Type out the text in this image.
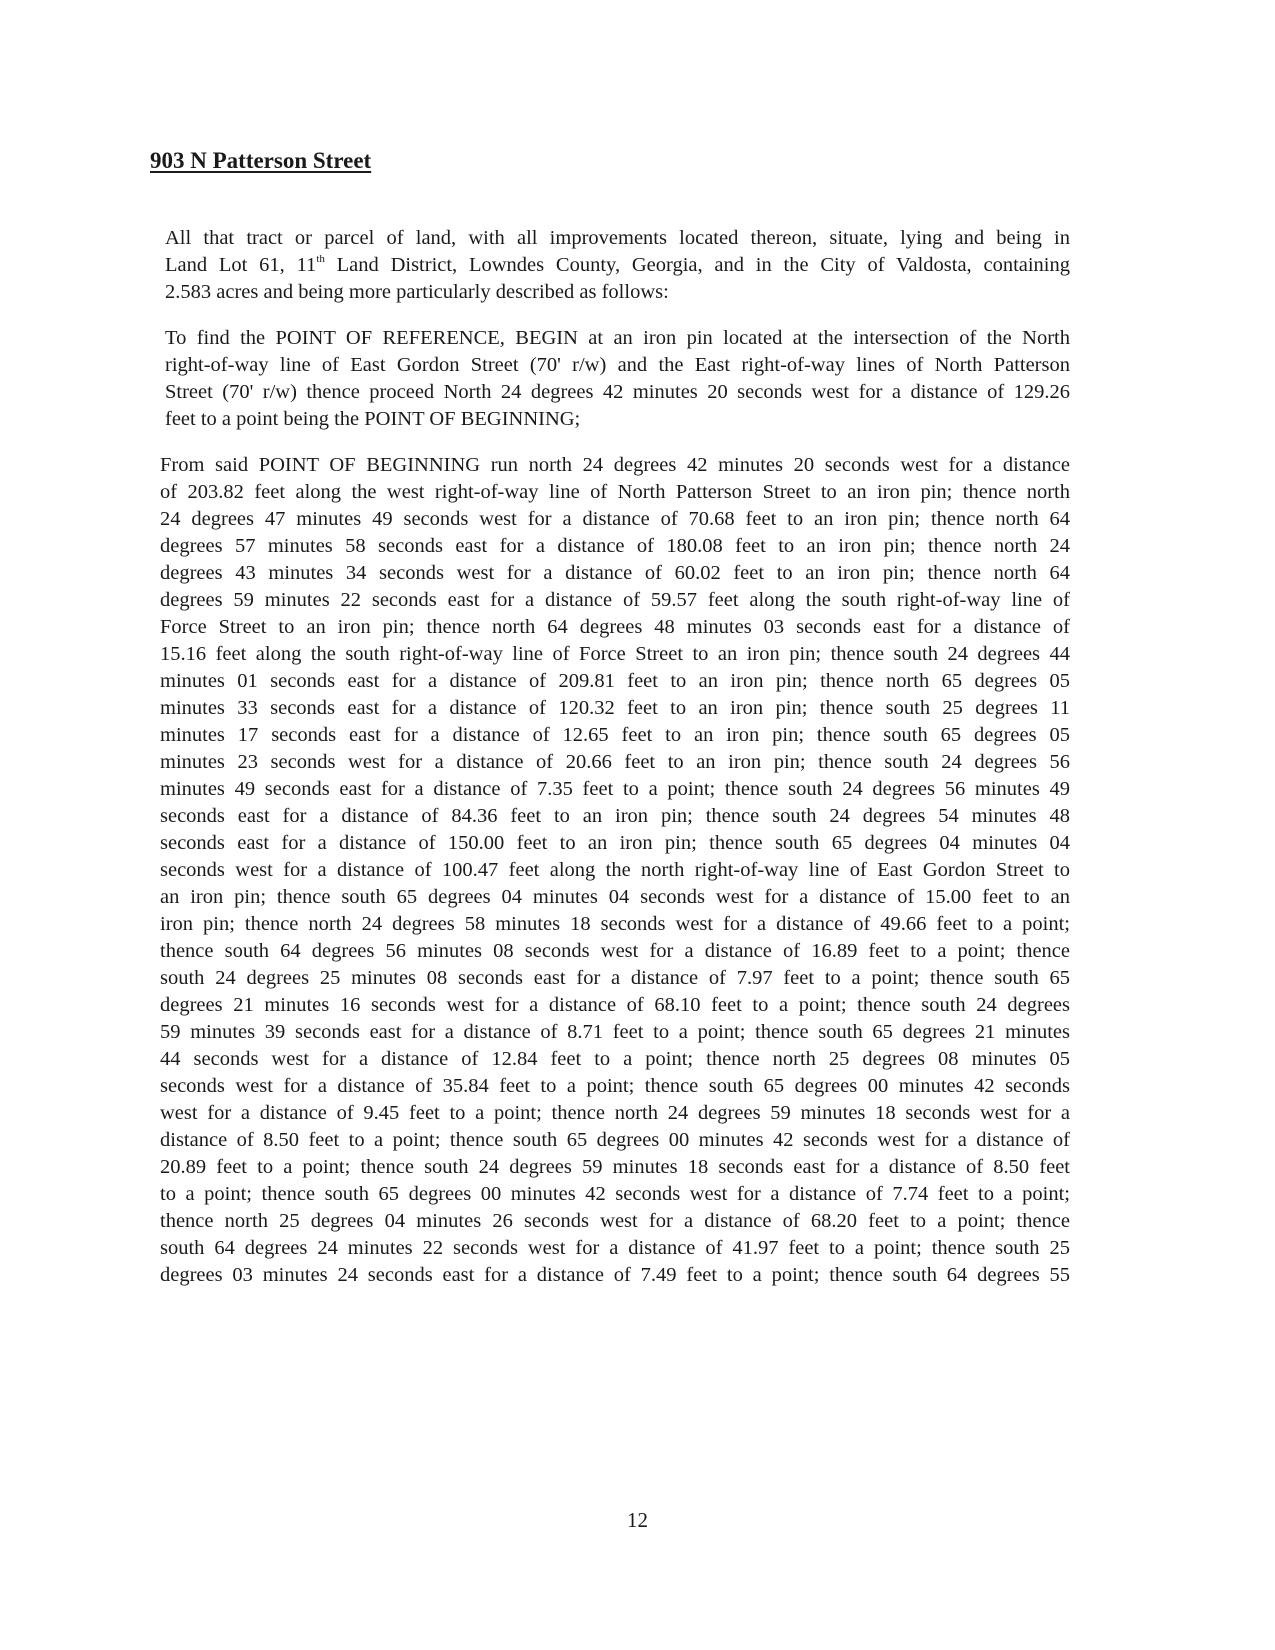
903 N Patterson Street
All that tract or parcel of land, with all improvements located thereon, situate, lying and being in
Land Lot 61, 11th Land District, Lowndes County, Georgia, and in the City of Valdosta, containing
2.583 acres and being more particularly described as follows:
To find the POINT OF REFERENCE, BEGIN at an iron pin located at the intersection of the North
right-of-way line of East Gordon Street (70' r/w) and the East right-of-way lines of North Patterson
Street (70' r/w) thence proceed North 24 degrees 42 minutes 20 seconds west for a distance of 129.26
feet to a point being the POINT OF BEGINNING;
From said POINT OF BEGINNING run north 24 degrees 42 minutes 20 seconds west for a distance
of 203.82 feet along the west right-of-way line of North Patterson Street to an iron pin; thence north
24 degrees 47 minutes 49 seconds west for a distance of 70.68 feet to an iron pin; thence north 64
degrees 57 minutes 58 seconds east for a distance of 180.08 feet to an iron pin; thence north 24
degrees 43 minutes 34 seconds west for a distance of 60.02 feet to an iron pin; thence north 64
degrees 59 minutes 22 seconds east for a distance of 59.57 feet along the south right-of-way line of
Force Street to an iron pin; thence north 64 degrees 48 minutes 03 seconds east for a distance of
15.16 feet along the south right-of-way line of Force Street to an iron pin; thence south 24 degrees 44
minutes 01 seconds east for a distance of 209.81 feet to an iron pin; thence north 65 degrees 05
minutes 33 seconds east for a distance of 120.32 feet to an iron pin; thence south 25 degrees 11
minutes 17 seconds east for a distance of 12.65 feet to an iron pin; thence south 65 degrees 05
minutes 23 seconds west for a distance of 20.66 feet to an iron pin; thence south 24 degrees 56
minutes 49 seconds east for a distance of 7.35 feet to a point; thence south 24 degrees 56 minutes 49
seconds east for a distance of 84.36 feet to an iron pin; thence south 24 degrees 54 minutes 48
seconds east for a distance of 150.00 feet to an iron pin; thence south 65 degrees 04 minutes 04
seconds west for a distance of 100.47 feet along the north right-of-way line of East Gordon Street to
an iron pin; thence south 65 degrees 04 minutes 04 seconds west for a distance of 15.00 feet to an
iron pin; thence north 24 degrees 58 minutes 18 seconds west for a distance of 49.66 feet to a point;
thence south 64 degrees 56 minutes 08 seconds west for a distance of 16.89 feet to a point; thence
south 24 degrees 25 minutes 08 seconds east for a distance of 7.97 feet to a point; thence south 65
degrees 21 minutes 16 seconds west for a distance of 68.10 feet to a point; thence south 24 degrees
59 minutes 39 seconds east for a distance of 8.71 feet to a point; thence south 65 degrees 21 minutes
44 seconds west for a distance of 12.84 feet to a point; thence north 25 degrees 08 minutes 05
seconds west for a distance of 35.84 feet to a point; thence south 65 degrees 00 minutes 42 seconds
west for a distance of 9.45 feet to a point; thence north 24 degrees 59 minutes 18 seconds west for a
distance of 8.50 feet to a point; thence south 65 degrees 00 minutes 42 seconds west for a distance of
20.89 feet to a point; thence south 24 degrees 59 minutes 18 seconds east for a distance of 8.50 feet
to a point; thence south 65 degrees 00 minutes 42 seconds west for a distance of 7.74 feet to a point;
thence north 25 degrees 04 minutes 26 seconds west for a distance of 68.20 feet to a point; thence
south 64 degrees 24 minutes 22 seconds west for a distance of 41.97 feet to a point; thence south 25
degrees 03 minutes 24 seconds east for a distance of 7.49 feet to a point; thence south 64 degrees 55
12
